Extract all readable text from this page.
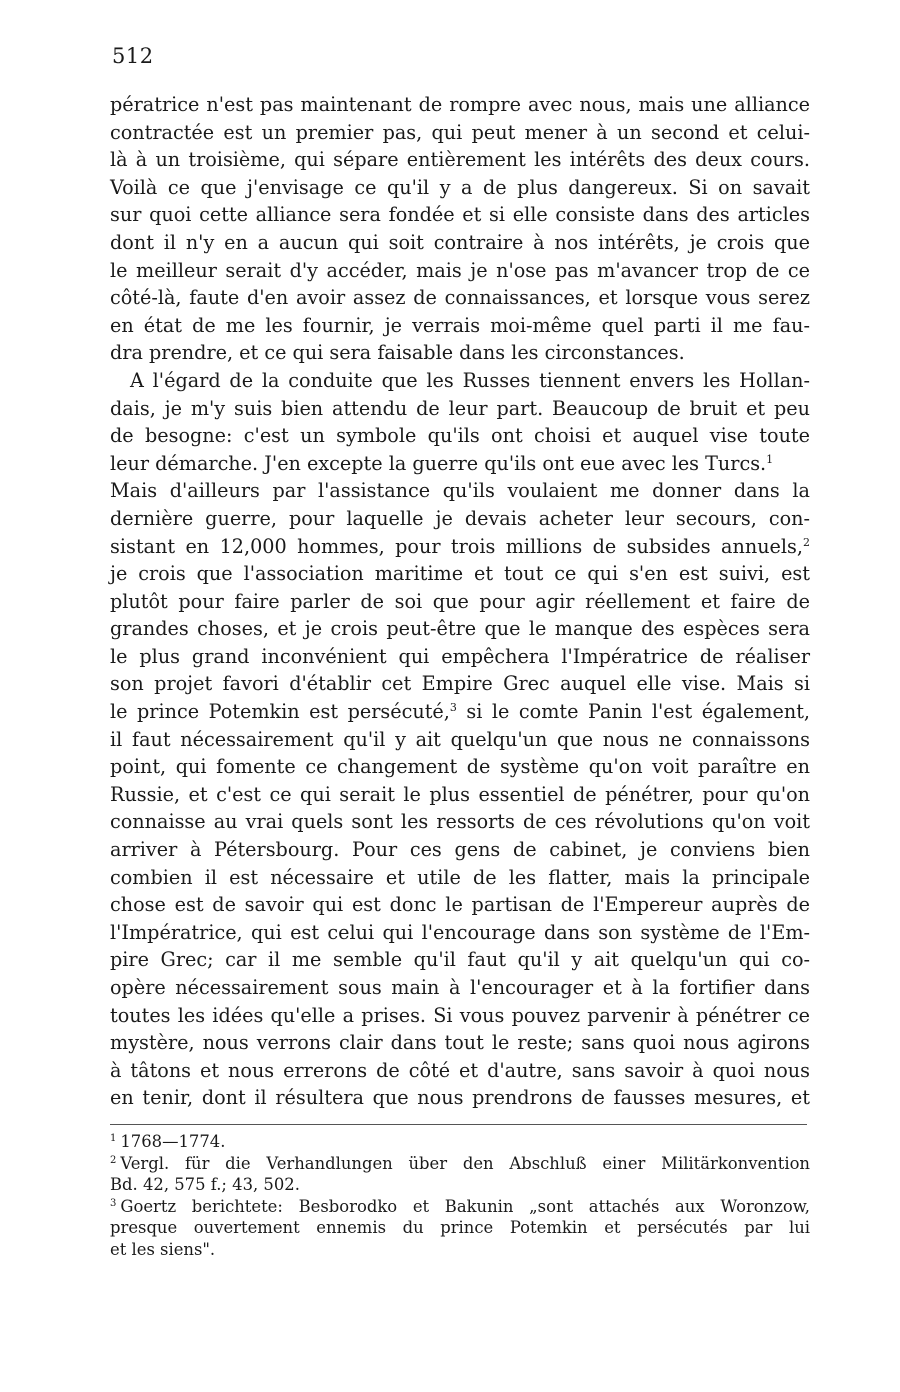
512
pératrice n'est pas maintenant de rompre avec nous, mais une alliance
contractée est un premier pas, qui peut mener à un second et celui-
là à un troisième, qui sépare entièrement les intérêts des deux cours.
Voilà ce que j'envisage ce qu'il y a de plus dangereux. Si on savait
sur quoi cette alliance sera fondée et si elle consiste dans des articles
dont il n'y en a aucun qui soit contraire à nos intérêts, je crois que
le meilleur serait d'y accéder, mais je n'ose pas m'avancer trop de ce
côté-là, faute d'en avoir assez de connaissances, et lorsque vous serez
en état de me les fournir, je verrais moi-même quel parti il me fau-
dra prendre, et ce qui sera faisable dans les circonstances.
A l'égard de la conduite que les Russes tiennent envers les Hollan-
dais, je m'y suis bien attendu de leur part. Beaucoup de bruit et peu
de besogne: c'est un symbole qu'ils ont choisi et auquel vise toute
leur démarche. J'en excepte la guerre qu'ils ont eue avec les Turcs.$^1$
Mais d'ailleurs par l'assistance qu'ils voulaient me donner dans la
dernière guerre, pour laquelle je devais acheter leur secours, con-
sistant en 12,000 hommes, pour trois millions de subsides annuels,$^2$
je crois que l'association maritime et tout ce qui s'en est suivi, est
plutôt pour faire parler de soi que pour agir réellement et faire de
grandes choses, et je crois peut-être que le manque des espèces sera
le plus grand inconvénient qui empêchera l'Impératrice de réaliser
son projet favori d'établir cet Empire Grec auquel elle vise. Mais si
le prince Potemkin est persécuté,$^3$ si le comte Panin l'est également,
il faut nécessairement qu'il y ait quelqu'un que nous ne connaissons
point, qui fomente ce changement de système qu'on voit paraître en
Russie, et c'est ce qui serait le plus essentiel de pénétrer, pour qu'on
connaisse au vrai quels sont les ressorts de ces révolutions qu'on voit
arriver à Pétersbourg. Pour ces gens de cabinet, je conviens bien
combien il est nécessaire et utile de les flatter, mais la principale
chose est de savoir qui est donc le partisan de l'Empereur auprès de
l'Impératrice, qui est celui qui l'encourage dans son système de l'Em-
pire Grec; car il me semble qu'il faut qu'il y ait quelqu'un qui co-
opère nécessairement sous main à l'encourager et à la fortifier dans
toutes les idées qu'elle a prises. Si vous pouvez parvenir à pénétrer ce
mystère, nous verrons clair dans tout le reste; sans quoi nous agirons
à tâtons et nous errerons de côté et d'autre, sans savoir à quoi nous
en tenir, dont il résultera que nous prendrons de fausses mesures, et
$^1$ 1768—1774.
$^2$ Vergl. für die Verhandlungen über den Abschluß einer Militärkonvention
Bd. 42, 575 f.; 43, 502.
$^3$ Goertz berichtete: Besborodko et Bakunin „sont attachés aux Woronzow,
presque ouvertement ennemis du prince Potemkin et persécutés par lui
et les siens".
